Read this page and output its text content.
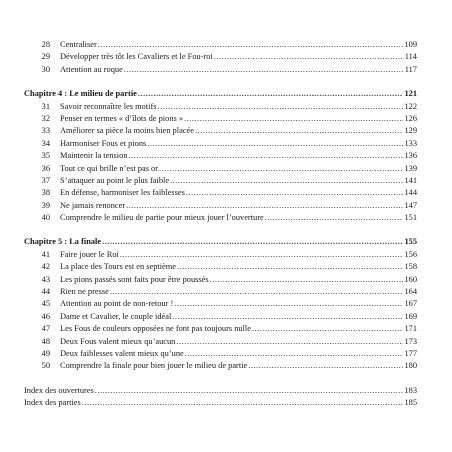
28	Centraliser .....	109
29	Développer très tôt les Cavaliers et le Fou-roi .....	114
30	Attention au roque .....	117
Chapitre 4 : Le milieu de partie .....	121
31	Savoir reconnaître les motifs .....	122
32	Penser en termes « d’îlots de pions » .....	126
33	Améliorer sa pièce la moins bien placée .....	129
34	Harmoniser Fous et pions .....	133
35	Maintenir la tension .....	136
36	Tout ce qui brille n’est pas or .....	139
37	S’attaquer au point le plus faible .....	141
38	En défense, harmoniser les faiblesses .....	144
39	Ne jamais renoncer .....	147
40	Comprendre le milieu de partie pour mieux jouer l’ouverture .....	151
Chapitre 5 : La finale .....	155
41	Faire jouer le Roi .....	156
42	La place des Tours est en septième .....	158
43	Les pions passés sont faits pour être poussés .....	160
44	Rien ne presse .....	164
45	Attention au point de non-retour ! .....	167
46	Dame et Cavalier, le couple idéal .....	169
47	Les Fous de couleurs opposées ne font pas toujours nulle .....	171
48	Deux Fous valent mieux qu’aucun .....	173
49	Deux faiblesses valent mieux qu’une .....	177
50	Comprendre la finale pour bien jouer le milieu de partie .....	180
Index des ouvertures .....	183
Index des parties .....	185
